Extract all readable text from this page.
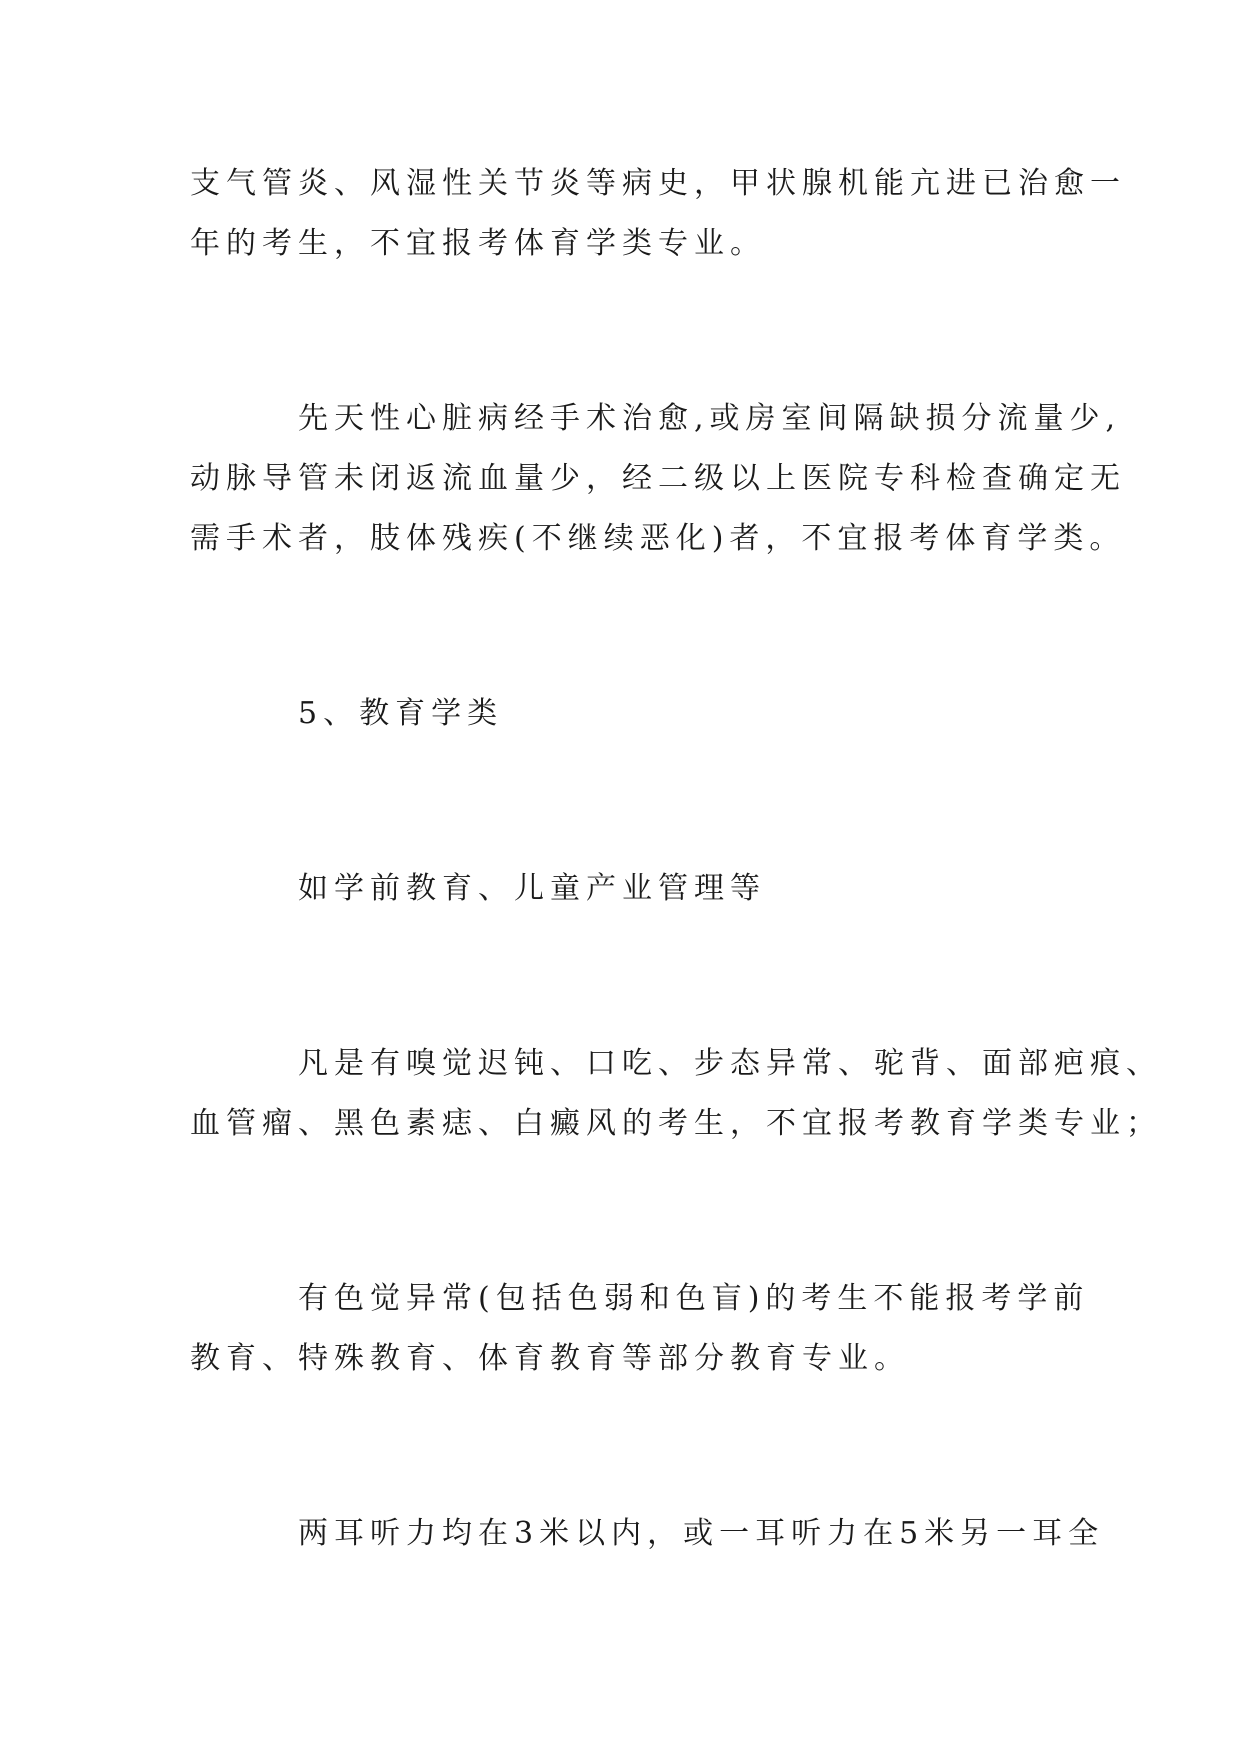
支气管炎、风湿性关节炎等病史，甲状腺机能亢进已治愈一
年的考生，不宜报考体育学类专业。
先天性心脏病经手术治愈,或房室间隔缺损分流量少,
动脉导管未闭返流血量少，经二级以上医院专科检查确定无
需手术者，肢体残疾(不继续恶化)者，不宜报考体育学类。
5、教育学类
如学前教育、儿童产业管理等
凡是有嗅觉迟钝、口吃、步态异常、驼背、面部疤痕、
血管瘤、黑色素痣、白癜风的考生，不宜报考教育学类专业；
有色觉异常(包括色弱和色盲)的考生不能报考学前
教育、特殊教育、体育教育等部分教育专业。
两耳听力均在3米以内，或一耳听力在5米另一耳全
